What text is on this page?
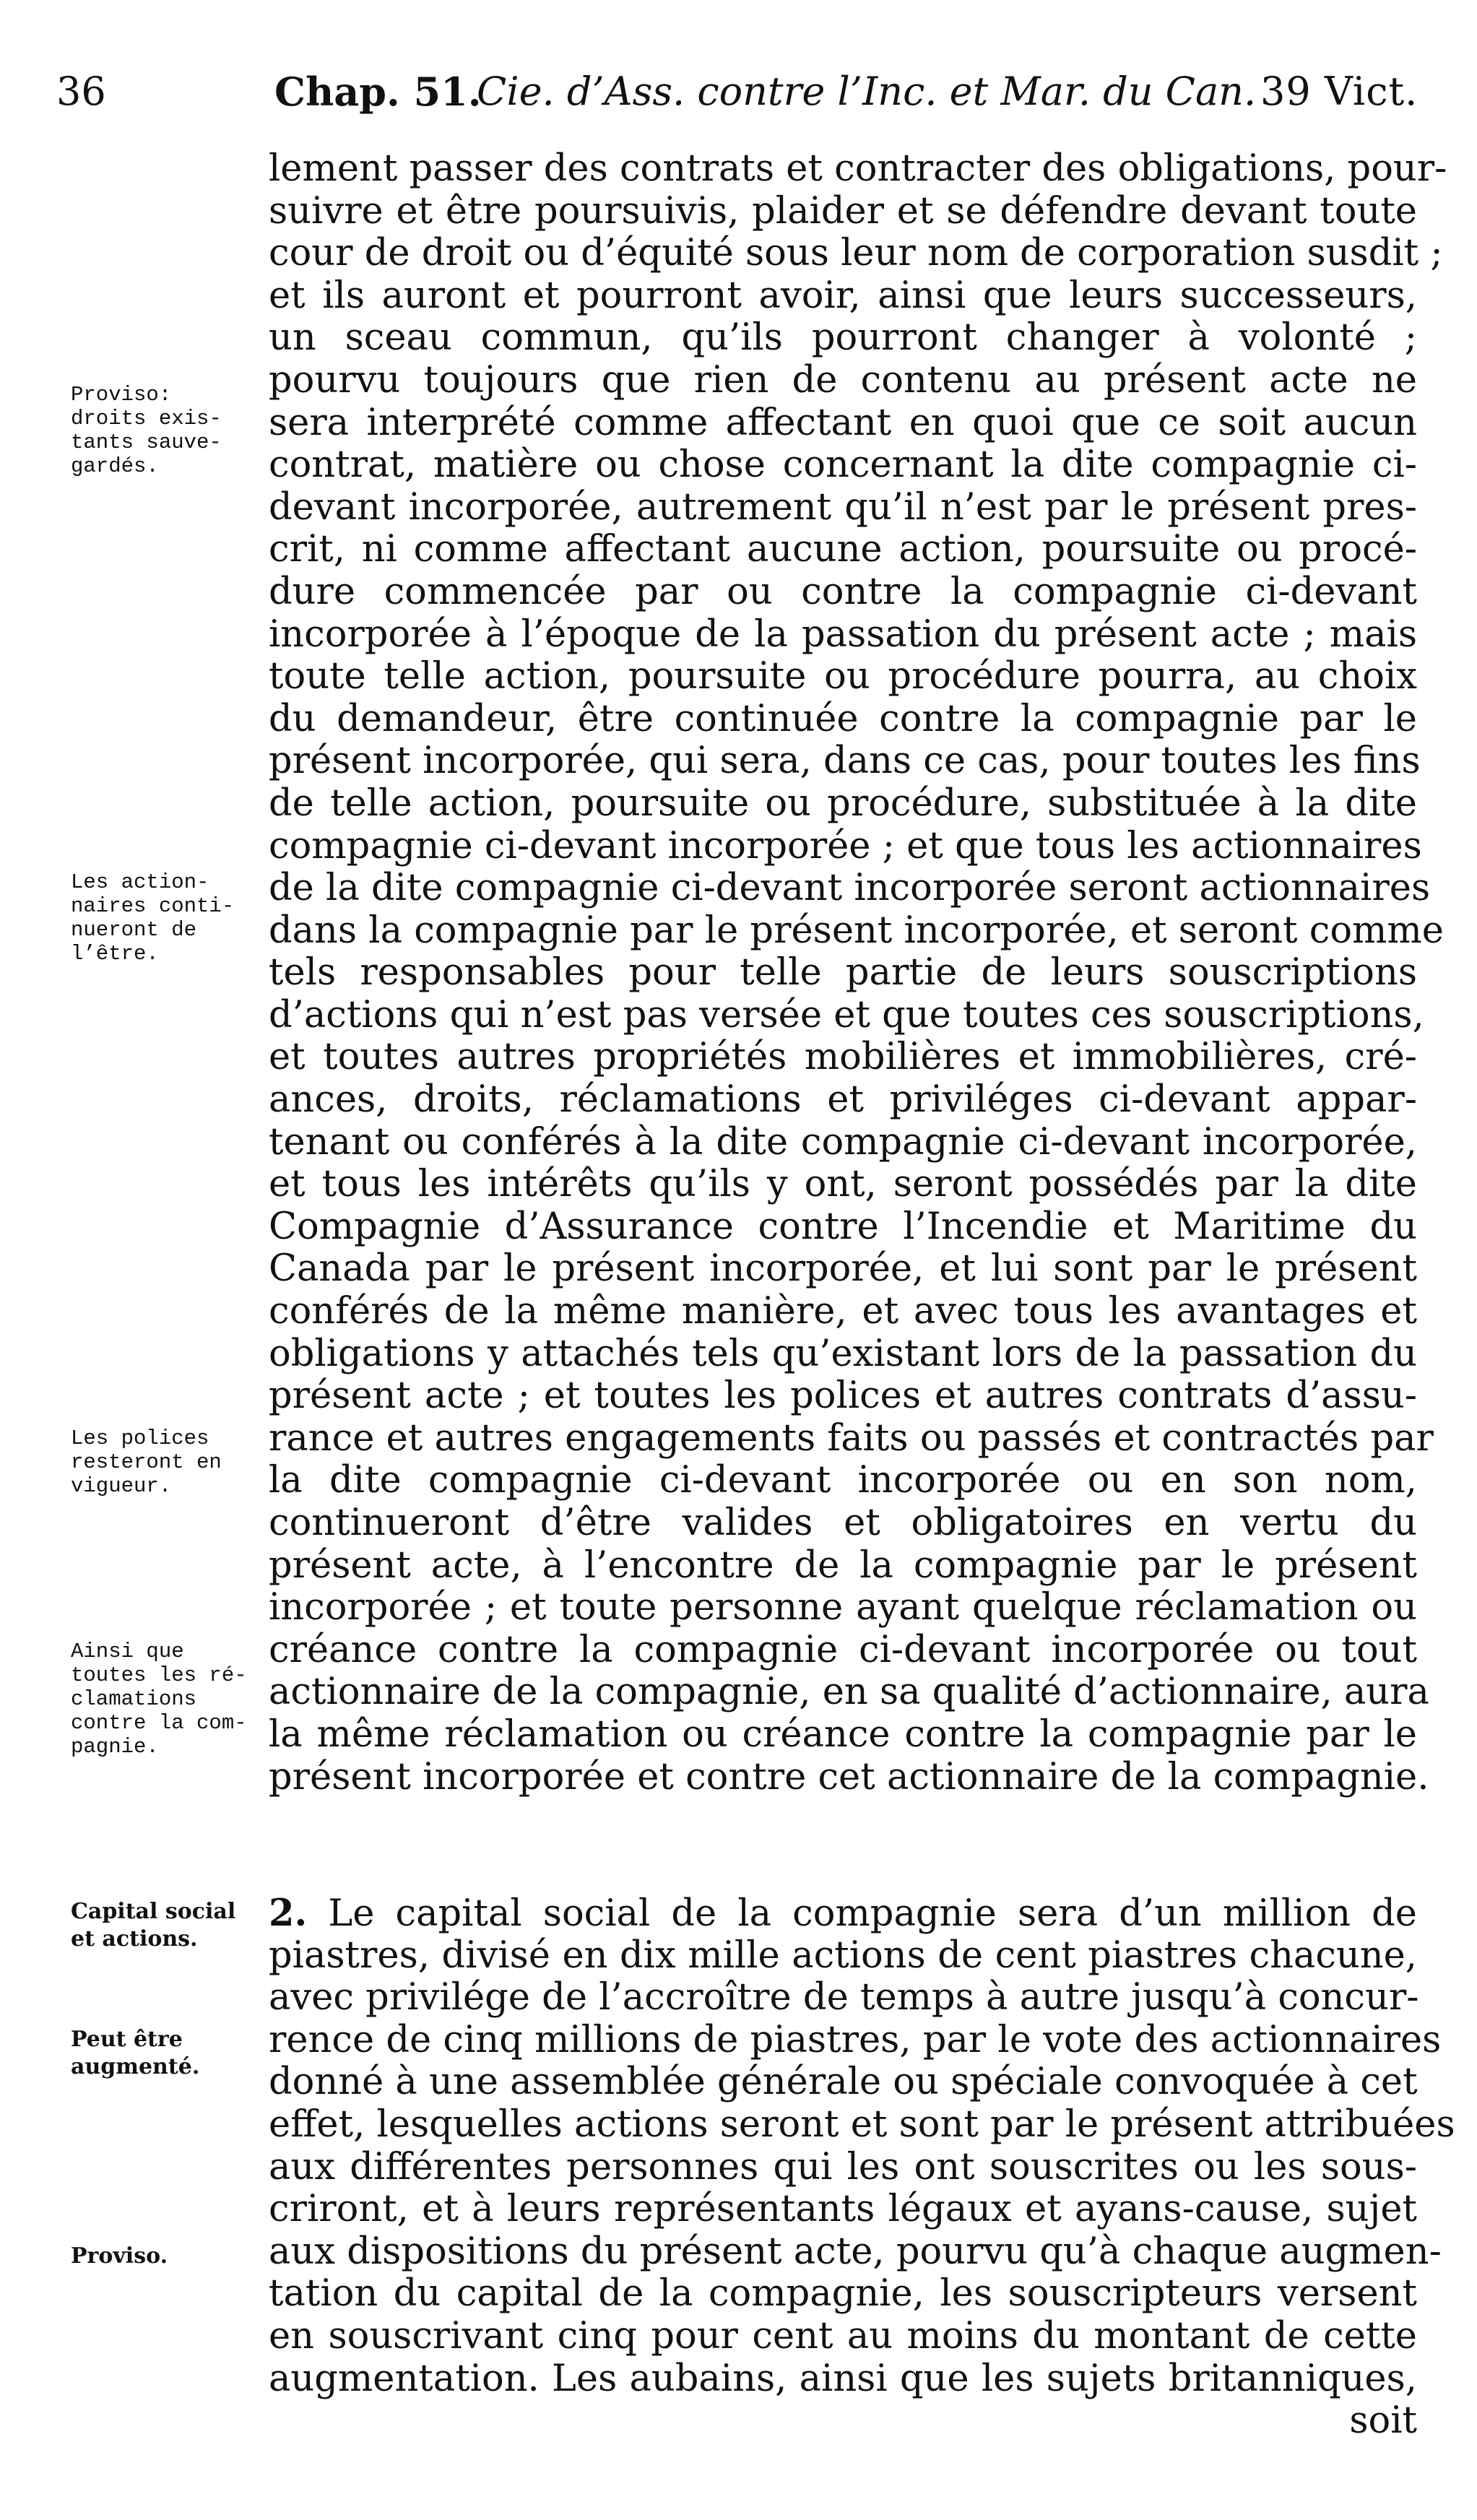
36	Chap. 51.
Cie. d’Ass. contre l’Inc. et Mar. du Can. 39 Vict.
lement passer des contrats et contracter des obligations, pour-
suivre et être poursuivis, plaider et se défendre devant toute
cour de droit ou d’équité sous leur nom de corporation susdit ;
et ils auront et pourront avoir, ainsi que leurs successeurs,
un sceau commun, qu’ils pourront changer à volonté ;
pourvu toujours que rien de contenu au présent acte ne
sera interprété comme affectant en quoi que ce soit aucun
contrat, matière ou chose concernant la dite compagnie ci-
devant incorporée, autrement qu’il n’est par le présent pres-
crit, ni comme affectant aucune action, poursuite ou procé-
dure commencée par ou contre la compagnie ci-devant
incorporée à l’époque de la passation du présent acte ; mais
toute telle action, poursuite ou procédure pourra, au choix
du demandeur, être continuée contre la compagnie par le
présent incorporée, qui sera, dans ce cas, pour toutes les fins
de telle action, poursuite ou procédure, substituée à la dite
compagnie ci-devant incorporée ; et que tous les actionnaires
de la dite compagnie ci-devant incorporée seront actionnaires
dans la compagnie par le présent incorporée, et seront comme
tels responsables pour telle partie de leurs souscriptions
d’actions qui n’est pas versée et que toutes ces souscriptions,
et toutes autres propriétés mobilières et immobilières, cré-
ances, droits, réclamations et priviléges ci-devant appar-
tenant ou conférés à la dite compagnie ci-devant incorporée,
et tous les intérêts qu’ils y ont, seront possédés par la dite
Compagnie d’Assurance contre l’Incendie et Maritime du
Canada par le présent incorporée, et lui sont par le présent
conférés de la même manière, et avec tous les avantages et
obligations y attachés tels qu’existant lors de la passation du
présent acte ; et toutes les polices et autres contrats d’assu-
rance et autres engagements faits ou passés et contractés par
la dite compagnie ci-devant incorporée ou en son nom,
continueront d’être valides et obligatoires en vertu du
présent acte, à l’encontre de la compagnie par le présent
incorporée ; et toute personne ayant quelque réclamation ou
créance contre la compagnie ci-devant incorporée ou tout
actionnaire de la compagnie, en sa qualité d’actionnaire, aura
la même réclamation ou créance contre la compagnie par le
présent incorporée et contre cet actionnaire de la compagnie.
2. Le capital social de la compagnie sera d’un million de
piastres, divisé en dix mille actions de cent piastres chacune,
avec privilége de l’accroître de temps à autre jusqu’à concur-
rence de cinq millions de piastres, par le vote des actionnaires
donné à une assemblée générale ou spéciale convoquée à cet
effet, lesquelles actions seront et sont par le présent attribuées
aux différentes personnes qui les ont souscrites ou les sous-
criront, et à leurs représentants légaux et ayans-cause, sujet
aux dispositions du présent acte, pourvu qu’à chaque augmen-
tation du capital de la compagnie, les souscripteurs versent
en souscrivant cinq pour cent au moins du montant de cette
augmentation. Les aubains, ainsi que les sujets britanniques,
soit
Proviso:
droits exis-
tants sauve-
gardés.
Les action-
naires conti-
nueront de
l’être.
Les polices
resteront en
vigueur.
Ainsi que
toutes les ré-
clamations
contre la com-
pagnie.
Capital social
et actions.
Peut être
augmenté.
Proviso.
